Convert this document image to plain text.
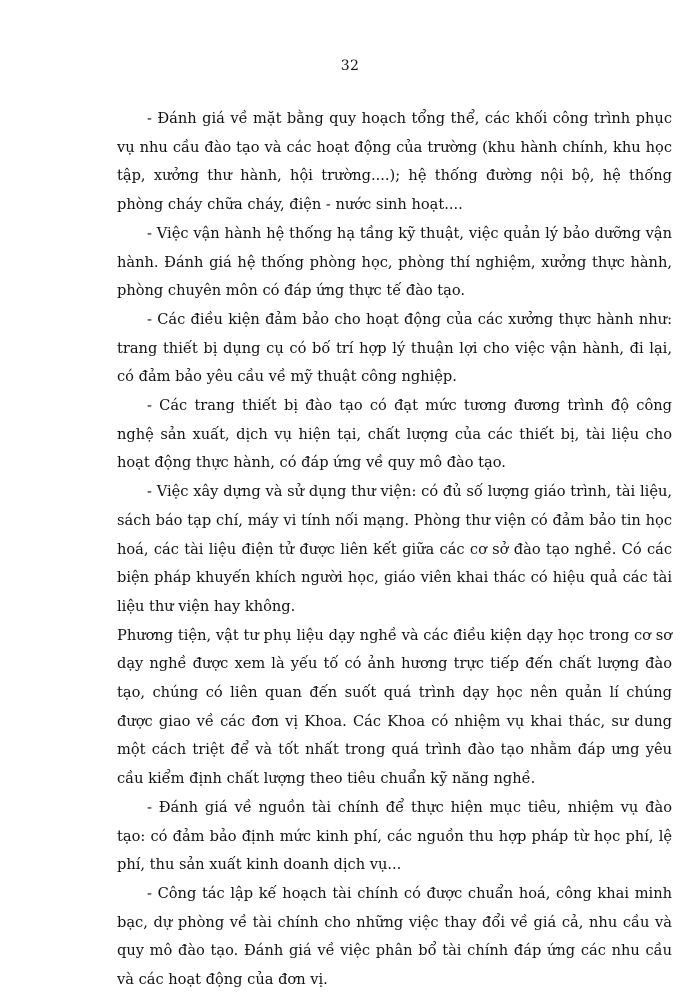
32

- Đánh giá về mặt bằng quy hoạch tổng thể, các khối công trình phục vụ nhu cầu đào tạo và các hoạt động của trường (khu hành chính, khu học tập, xưởng thư hành, hội trường....); hệ thống đường nội bộ, hệ thống phòng cháy chữa cháy, điện - nước sinh hoạt....

- Việc vận hành hệ thống hạ tầng kỹ thuật, việc quản lý bảo dưỡng vận hành. Đánh giá hệ thống phòng học, phòng thí nghiệm, xưởng thực hành, phòng chuyên môn có đáp ứng thực tế đào tạo.

- Các điều kiện đảm bảo cho hoạt động của các xưởng thực hành như: trang thiết bị dụng cụ có bố trí hợp lý thuận lợi cho việc vận hành, đi lại, có đảm bảo yêu cầu về mỹ thuật công nghiệp.

- Các trang thiết bị đào tạo có đạt mức tương đương trình độ công nghệ sản xuất, dịch vụ hiện tại, chất lượng của các thiết bị, tài liệu cho hoạt động thực hành, có đáp ứng về quy mô đào tạo.

- Việc xây dựng và sử dụng thư viện: có đủ số lượng giáo trình, tài liệu, sách báo tạp chí, máy vi tính nối mạng. Phòng thư viện có đảm bảo tin học hoá, các tài liệu điện tử được liên kết giữa các cơ sở đào tạo nghề. Có các biện pháp khuyến khích người học, giáo viên khai thác có hiệu quả các tài liệu thư viện hay không.

Phương tiện, vật tư phụ liệu dạy nghề và các điều kiện dạy học trong cơ sơ dạy nghề được xem là yếu tố có ảnh hương trực tiếp đến chất lượng đào tạo, chúng có liên quan đến suốt quá trình dạy học nên quản lí chúng được giao về các đơn vị Khoa. Các Khoa có nhiệm vụ khai thác, sư dung một cách triệt để và tốt nhất trong quá trình đào tạo nhằm đáp ưng yêu cầu kiểm định chất lượng theo tiêu chuẩn kỹ năng nghề.

- Đánh giá về nguồn tài chính để thực hiện mục tiêu, nhiệm vụ đào tạo: có đảm bảo định mức kinh phí, các nguồn thu hợp pháp từ học phí, lệ phí, thu sản xuất kinh doanh dịch vụ...

- Công tác lập kế hoạch tài chính có được chuẩn hoá, công khai minh bạc, dự phòng về tài chính cho những việc thay đổi về giá cả, nhu cầu và quy mô đào tạo. Đánh giá về việc phân bổ tài chính đáp ứng các nhu cầu và các hoạt động của đơn vị.
